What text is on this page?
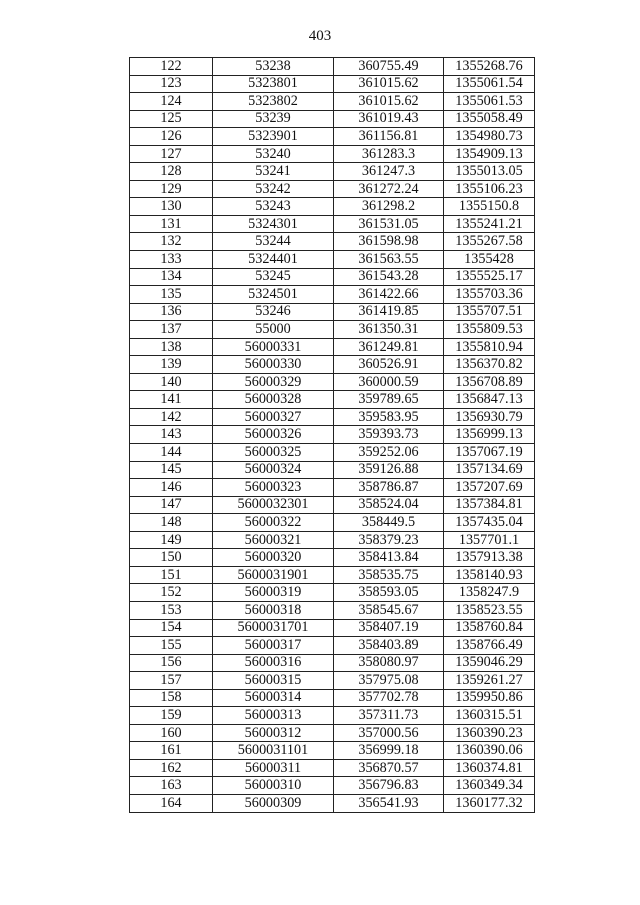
403
122	53238	360755.49	1355268.76
123	5323801	361015.62	1355061.54
124	5323802	361015.62	1355061.53
125	53239	361019.43	1355058.49
126	5323901	361156.81	1354980.73
127	53240	361283.3	1354909.13
128	53241	361247.3	1355013.05
129	53242	361272.24	1355106.23
130	53243	361298.2	1355150.8
131	5324301	361531.05	1355241.21
132	53244	361598.98	1355267.58
133	5324401	361563.55	1355428
134	53245	361543.28	1355525.17
135	5324501	361422.66	1355703.36
136	53246	361419.85	1355707.51
137	55000	361350.31	1355809.53
138	56000331	361249.81	1355810.94
139	56000330	360526.91	1356370.82
140	56000329	360000.59	1356708.89
141	56000328	359789.65	1356847.13
142	56000327	359583.95	1356930.79
143	56000326	359393.73	1356999.13
144	56000325	359252.06	1357067.19
145	56000324	359126.88	1357134.69
146	56000323	358786.87	1357207.69
147	5600032301	358524.04	1357384.81
148	56000322	358449.5	1357435.04
149	56000321	358379.23	1357701.1
150	56000320	358413.84	1357913.38
151	5600031901	358535.75	1358140.93
152	56000319	358593.05	1358247.9
153	56000318	358545.67	1358523.55
154	5600031701	358407.19	1358760.84
155	56000317	358403.89	1358766.49
156	56000316	358080.97	1359046.29
157	56000315	357975.08	1359261.27
158	56000314	357702.78	1359950.86
159	56000313	357311.73	1360315.51
160	56000312	357000.56	1360390.23
161	5600031101	356999.18	1360390.06
162	56000311	356870.57	1360374.81
163	56000310	356796.83	1360349.34
164	56000309	356541.93	1360177.32
